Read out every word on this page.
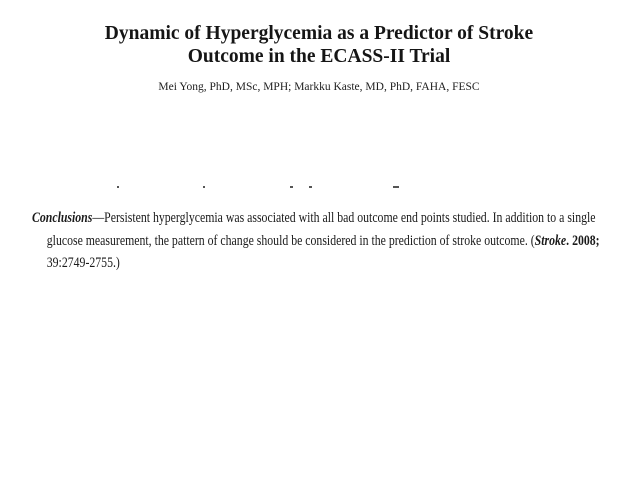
Dynamic of Hyperglycemia as a Predictor of Stroke
Outcome in the ECASS-II Trial
Mei Yong, PhD, MSc, MPH; Markku Kaste, MD, PhD, FAHA, FESC
Conclusions—Persistent hyperglycemia was associated with all bad outcome end points studied. In addition to a single
glucose measurement, the pattern of change should be considered in the prediction of stroke outcome. (Stroke. 2008;
39:2749-2755.)
